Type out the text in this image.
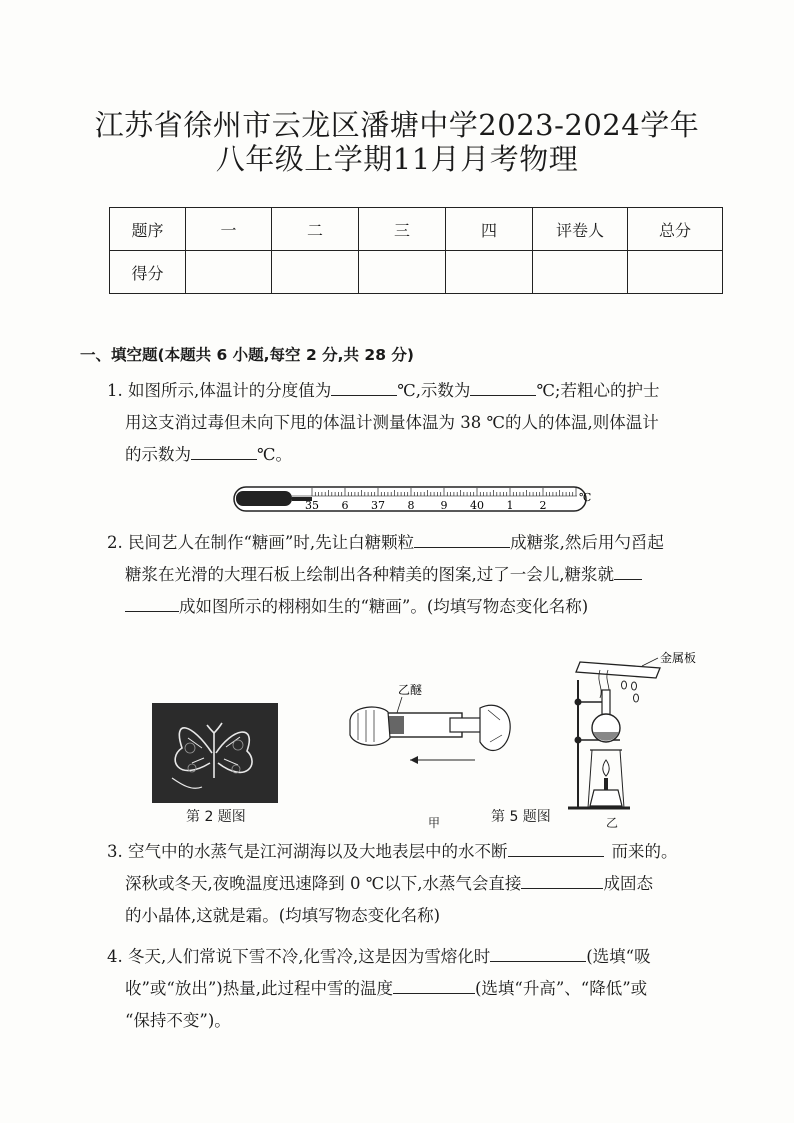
江苏省徐州市云龙区潘塘中学2023-2024学年
八年级上学期11月月考物理
题序	一	二	三	四	评卷人	总分
得分						
一、填空题(本题共 6 小题,每空 2 分,共 28 分)
1. 如图所示,体温计的分度值为	℃,示数为	℃;若粗心的护士
用这支消过毒但未向下甩的体温计测量体温为 38 ℃的人的体温,则体温计
的示数为	℃。
35 6 37 8 9 40 1 2
℃
2. 民间艺人在制作“糖画”时,先让白糖颗粒	成糖浆,然后用勺舀起
糖浆在光滑的大理石板上绘制出各种精美的图案,过了一会儿,糖浆就
成如图所示的栩栩如生的“糖画”。(均填写物态变化名称)
第 2 题图
乙醚
甲	第 5 题图
金属板
乙
3. 空气中的水蒸气是江河湖海以及大地表层中的水不断	而来的。
深秋或冬天,夜晚温度迅速降到 0 ℃以下,水蒸气会直接	成固态
的小晶体,这就是霜。(均填写物态变化名称)
4. 冬天,人们常说下雪不冷,化雪冷,这是因为雪熔化时	(选填“吸
收”或“放出”)热量,此过程中雪的温度	(选填“升高”、“降低”或
“保持不变”)。
